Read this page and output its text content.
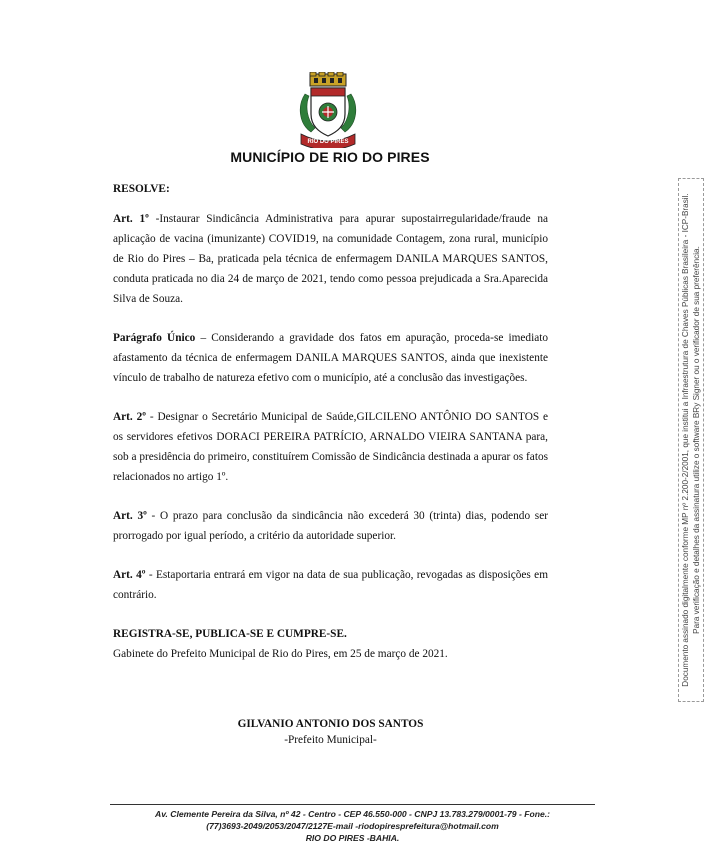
RIO DO PIRES
MUNICÍPIO DE RIO DO PIRES

RESOLVE:

Art. 1º -Instaurar Sindicância Administrativa para apurar supostairregularidade/fraude na aplicação de vacina (imunizante) COVID19, na comunidade Contagem, zona rural, município de Rio do Pires – Ba, praticada pela técnica de enfermagem DANILA MARQUES SANTOS, conduta praticada no dia 24 de março de 2021, tendo como pessoa prejudicada a Sra.Aparecida Silva de Souza.

Parágrafo Único – Considerando a gravidade dos fatos em apuração, proceda-se imediato afastamento da técnica de enfermagem DANILA MARQUES SANTOS, ainda que inexistente vínculo de trabalho de natureza efetivo com o município, até a conclusão das investigações.

Art. 2º - Designar o Secretário Municipal de Saúde,GILCILENO ANTÔNIO DO SANTOS e os servidores efetivos DORACI PEREIRA PATRÍCIO, ARNALDO VIEIRA SANTANA para, sob a presidência do primeiro, constituírem Comissão de Sindicância destinada a apurar os fatos relacionados no artigo 1º.

Art. 3º - O prazo para conclusão da sindicância não excederá 30 (trinta) dias, podendo ser prorrogado por igual período, a critério da autoridade superior.

Art. 4º - Estaportaria entrará em vigor na data de sua publicação, revogadas as disposições em contrário.

REGISTRA-SE, PUBLICA-SE E CUMPRE-SE.

Gabinete do Prefeito Municipal de Rio do Pires, em 25 de março de 2021.

GILVANIO ANTONIO DOS SANTOS
-Prefeito Municipal-
Documento assinado digitalmente conforme MP nº 2.200-2/2001, que institui a Infraestrutura de Chaves Públicas Brasileira - ICP-Brasil. Para verificação e detalhes da assinatura utilize o software BRy Signer ou o verificador de sua preferência.
Av. Clemente Pereira da Silva, nº 42 - Centro - CEP 46.550-000 - CNPJ 13.783.279/0001-79 - Fone.:
(77)3693-2049/2053/2047/2127E-mail -riodopiresprefeitura@hotmail.com
RIO DO PIRES -BAHIA.
